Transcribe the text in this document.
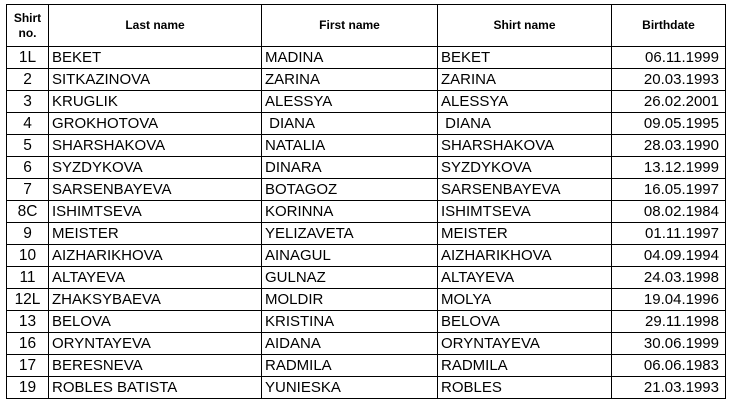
Shirt
no.	Last name	First name	Shirt name	Birthdate
1L	BEKET	MADINA	BEKET	06.11.1999
2	SITKAZINOVA	ZARINA	ZARINA	20.03.1993
3	KRUGLIK	ALESSYA	ALESSYA	26.02.2001
4	GROKHOTOVA	DIANA	DIANA	09.05.1995
5	SHARSHAKOVA	NATALIA	SHARSHAKOVA	28.03.1990
6	SYZDYKOVA	DINARA	SYZDYKOVA	13.12.1999
7	SARSENBAYEVA	BOTAGOZ	SARSENBAYEVA	16.05.1997
8C	ISHIMTSEVA	KORINNA	ISHIMTSEVA	08.02.1984
9	MEISTER	YELIZAVETA	MEISTER	01.11.1997
10	AIZHARIKHOVA	AINAGUL	AIZHARIKHOVA	04.09.1994
11	ALTAYEVA	GULNAZ	ALTAYEVA	24.03.1998
12L	ZHAKSYBAEVA	MOLDIR	MOLYA	19.04.1996
13	BELOVA	KRISTINA	BELOVA	29.11.1998
16	ORYNTAYEVA	AIDANA	ORYNTAYEVA	30.06.1999
17	BERESNEVA	RADMILA	RADMILA	06.06.1983
19	ROBLES BATISTA	YUNIESKA	ROBLES	21.03.1993
